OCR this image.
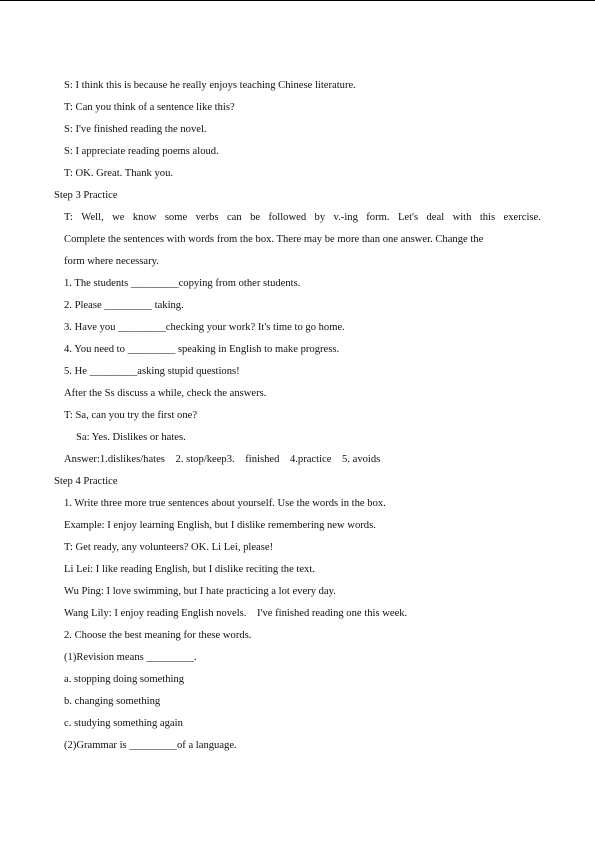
S: I think this is because he really enjoys teaching Chinese literature.
T: Can you think of a sentence like this?
S: I've finished reading the novel.
S: I appreciate reading poems aloud.
T: OK. Great. Thank you.
Step 3 Practice
T: Well, we know some verbs can be followed by v.-ing form. Let's deal with this exercise.
Complete the sentences with words from the box. There may be more than one answer. Change the
form where necessary.
1. The students _________copying from other students.
2. Please _________ taking.
3. Have you _________checking your work? It's time to go home.
4. You need to _________ speaking in English to make progress.
5. He _________asking stupid questions!
After the Ss discuss a while, check the answers.
T: Sa, can you try the first one?
Sa: Yes. Dislikes or hates.
Answer:1.dislikes/hates    2. stop/keep3.    finished    4.practice    5. avoids
Step 4 Practice
1. Write three more true sentences about yourself. Use the words in the box.
Example: I enjoy learning English, but I dislike remembering new words.
T: Get ready, any volunteers? OK. Li Lei, please!
Li Lei: I like reading English, but I dislike reciting the text.
Wu Ping: I love swimming, but I hate practicing a lot every day.
Wang Lily: I enjoy reading English novels.    I've finished reading one this week.
2. Choose the best meaning for these words.
(1)Revision means _________.
a. stopping doing something
b. changing something
c. studying something again
(2)Grammar is _________of a language.
